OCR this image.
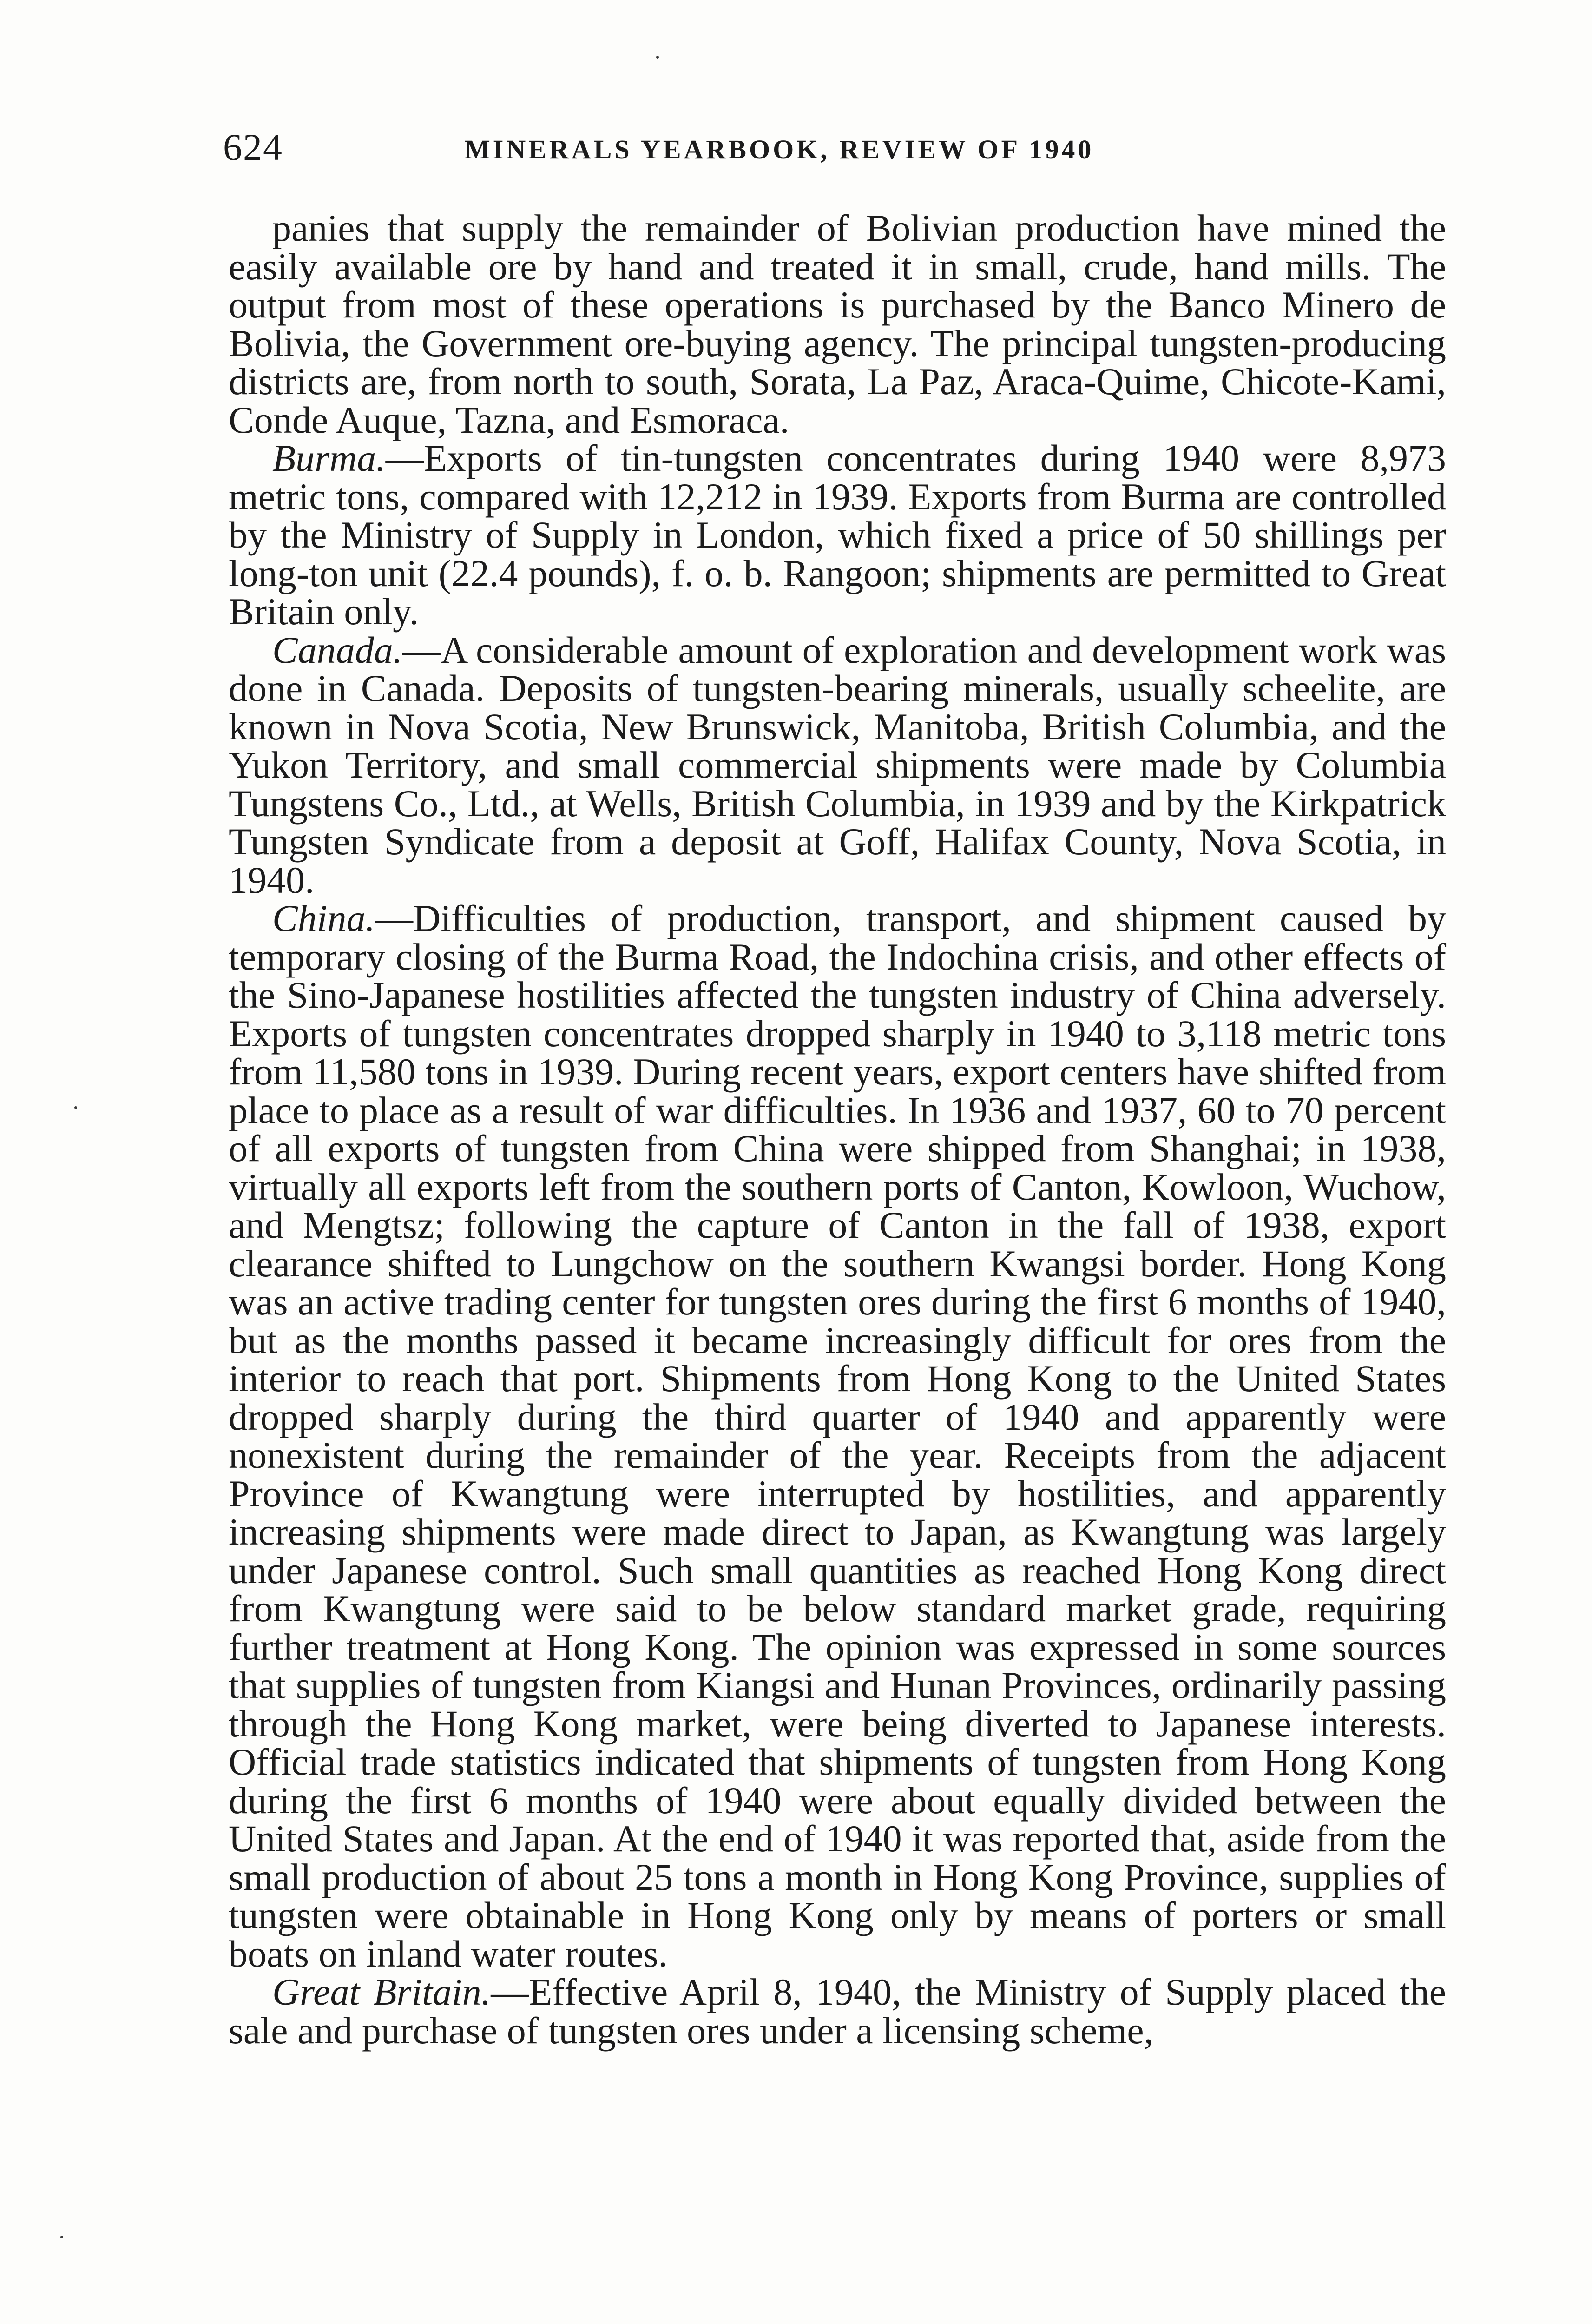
624	MINERALS YEARBOOK, REVIEW OF 1940

panies that supply the remainder of Bolivian production have mined the easily available ore by hand and treated it in small, crude, hand mills. The output from most of these operations is purchased by the Banco Minero de Bolivia, the Government ore-buying agency. The principal tungsten-producing districts are, from north to south, Sorata, La Paz, Araca-Quime, Chicote-Kami, Conde Auque, Tazna, and Esmoraca.

Burma.—Exports of tin-tungsten concentrates during 1940 were 8,973 metric tons, compared with 12,212 in 1939. Exports from Burma are controlled by the Ministry of Supply in London, which fixed a price of 50 shillings per long-ton unit (22.4 pounds), f. o. b. Rangoon; shipments are permitted to Great Britain only.

Canada.—A considerable amount of exploration and development work was done in Canada. Deposits of tungsten-bearing minerals, usually scheelite, are known in Nova Scotia, New Brunswick, Manitoba, British Columbia, and the Yukon Territory, and small commercial shipments were made by Columbia Tungstens Co., Ltd., at Wells, British Columbia, in 1939 and by the Kirkpatrick Tungsten Syndicate from a deposit at Goff, Halifax County, Nova Scotia, in 1940.

China.—Difficulties of production, transport, and shipment caused by temporary closing of the Burma Road, the Indochina crisis, and other effects of the Sino-Japanese hostilities affected the tungsten industry of China adversely. Exports of tungsten concentrates dropped sharply in 1940 to 3,118 metric tons from 11,580 tons in 1939. During recent years, export centers have shifted from place to place as a result of war difficulties. In 1936 and 1937, 60 to 70 percent of all exports of tungsten from China were shipped from Shanghai; in 1938, virtually all exports left from the southern ports of Canton, Kowloon, Wuchow, and Mengtsz; following the capture of Canton in the fall of 1938, export clearance shifted to Lungchow on the southern Kwangsi border. Hong Kong was an active trading center for tungsten ores during the first 6 months of 1940, but as the months passed it became increasingly difficult for ores from the interior to reach that port. Shipments from Hong Kong to the United States dropped sharply during the third quarter of 1940 and apparently were nonexistent during the remainder of the year. Receipts from the adjacent Province of Kwangtung were interrupted by hostilities, and apparently increasing shipments were made direct to Japan, as Kwangtung was largely under Japanese control. Such small quantities as reached Hong Kong direct from Kwangtung were said to be below standard market grade, requiring further treatment at Hong Kong. The opinion was expressed in some sources that supplies of tungsten from Kiangsi and Hunan Provinces, ordinarily passing through the Hong Kong market, were being diverted to Japanese interests. Official trade statistics indicated that shipments of tungsten from Hong Kong during the first 6 months of 1940 were about equally divided between the United States and Japan. At the end of 1940 it was reported that, aside from the small production of about 25 tons a month in Hong Kong Province, supplies of tungsten were obtainable in Hong Kong only by means of porters or small boats on inland water routes.

Great Britain.—Effective April 8, 1940, the Ministry of Supply placed the sale and purchase of tungsten ores under a licensing scheme,
